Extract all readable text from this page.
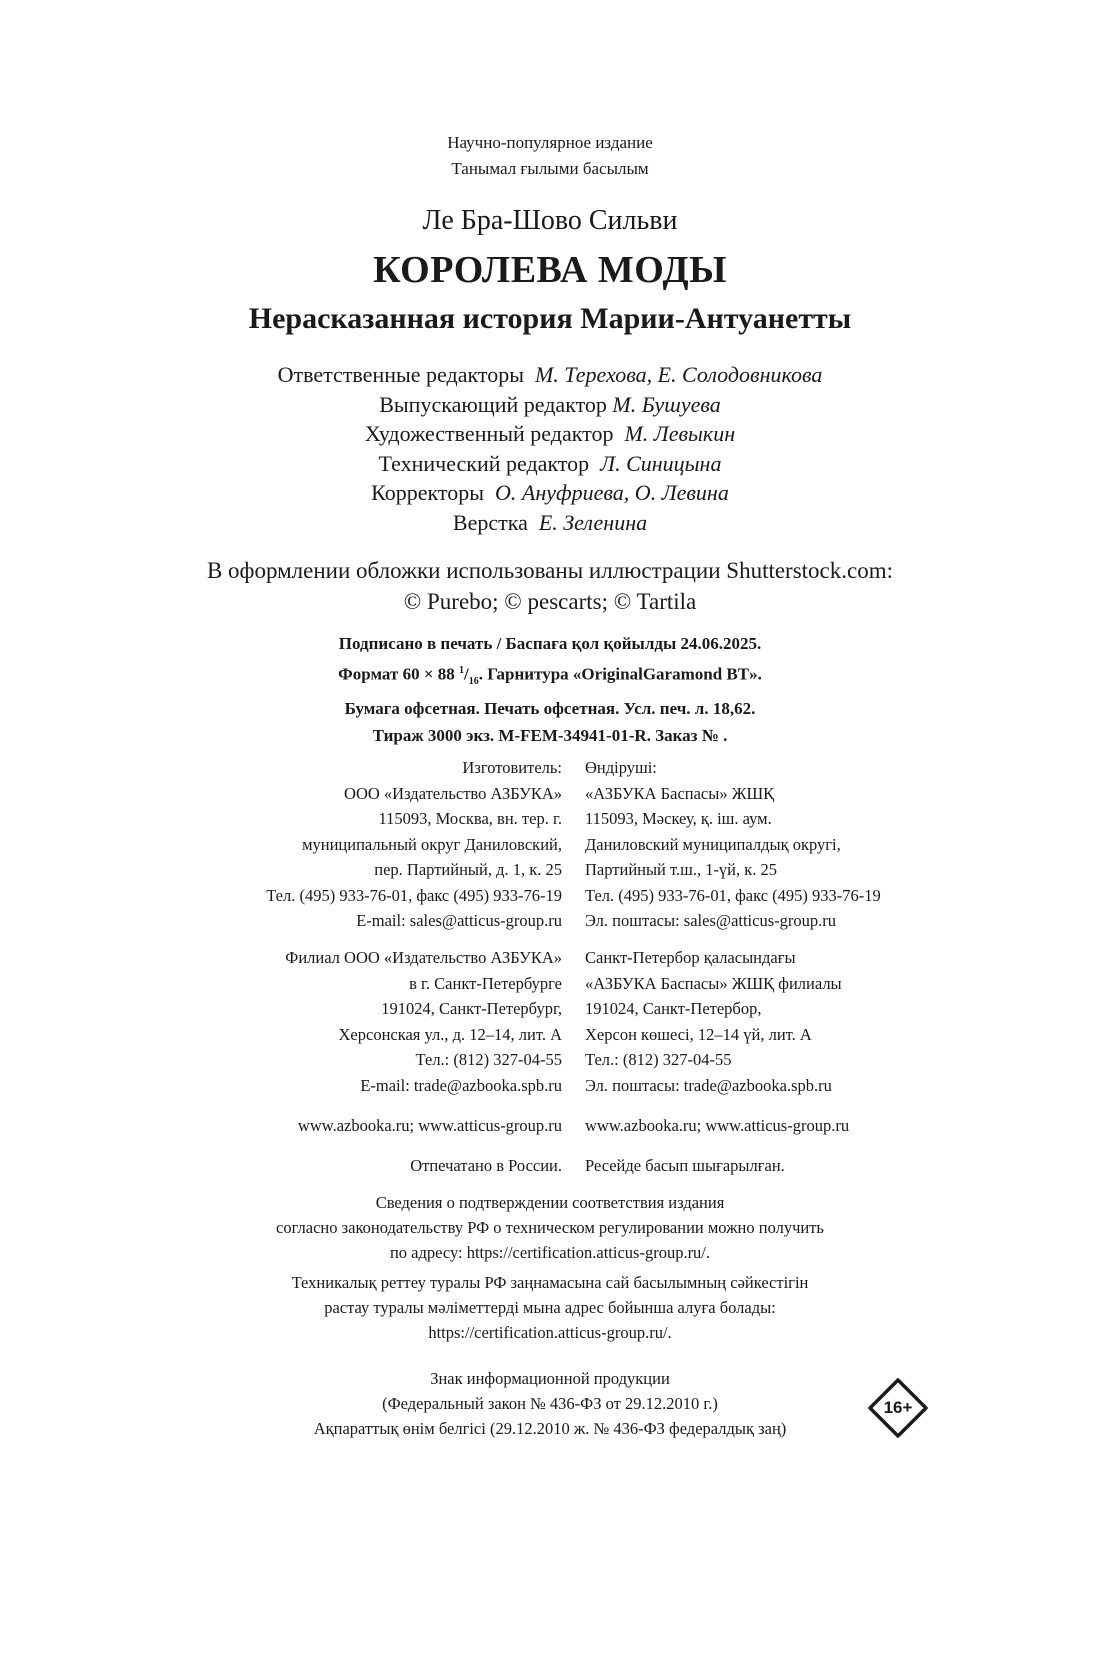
Научно-популярное издание
Танымал ғылыми басылым
Ле Бра-Шово Сильви
КОРОЛЕВА МОДЫ
Нерасказанная история Марии-Антуанетты
Ответственные редакторы М. Терехова, Е. Солодовникова
Выпускающий редактор М. Бушуева
Художественный редактор М. Левыкин
Технический редактор Л. Синицына
Корректоры О. Ануфриева, О. Левина
Верстка Е. Зеленина
В оформлении обложки использованы иллюстрации Shutterstock.com:
© Purebo; © pescarts; © Tartila
Подписано в печать / Баспаға қол қойылды 24.06.2025.
Формат 60 × 88 $^1/_{16}$. Гарнитура «OriginalGaramond BT».
Бумага офсетная. Печать офсетная. Усл. печ. л. 18,62.
Тираж 3000 экз. M-FEM-34941-01-R. Заказ № .
Изготовитель:
ООО «Издательство АЗБУКА»
115093, Москва, вн. тер. г.
муниципальный округ Даниловский,
пер. Партийный, д. 1, к. 25
Тел. (495) 933-76-01, факс (495) 933-76-19
E-mail: sales@atticus-group.ru
Өндіруші:
«АЗБУКА Баспасы» ЖШҚ
115093, Мәскеу, қ. іш. аум.
Даниловский муниципалдық округі,
Партийный т.ш., 1-үй, к. 25
Тел. (495) 933-76-01, факс (495) 933-76-19
Эл. поштасы: sales@atticus-group.ru
Филиал ООО «Издательство АЗБУКА»
в г. Санкт-Петербурге
191024, Санкт-Петербург,
Херсонская ул., д. 12–14, лит. А
Тел.: (812) 327-04-55
E-mail: trade@azbooka.spb.ru
Санкт-Петербор қаласындағы
«АЗБУКА Баспасы» ЖШҚ филиалы
191024, Санкт-Петербор,
Херсон көшесі, 12–14 үй, лит. А
Тел.: (812) 327-04-55
Эл. поштасы: trade@azbooka.spb.ru
www.azbooka.ru; www.atticus-group.ru www.azbooka.ru; www.atticus-group.ru
Отпечатано в России. Ресейде басып шығарылған.
Сведения о подтверждении соответствия издания
согласно законодательству РФ о техническом регулировании можно получить
по адресу: https://certification.atticus-group.ru/.
Техникалық реттеу туралы РФ заңнамасына сай басылымның сәйкестігін
растау туралы мәліметтерді мына адрес бойынша алуға болады:
https://certification.atticus-group.ru/.
Знак информационной продукции
(Федеральный закон № 436-ФЗ от 29.12.2010 г.)
Ақпараттық өнім белгісі (29.12.2010 ж. № 436-ФЗ федералдық заң)
16+
